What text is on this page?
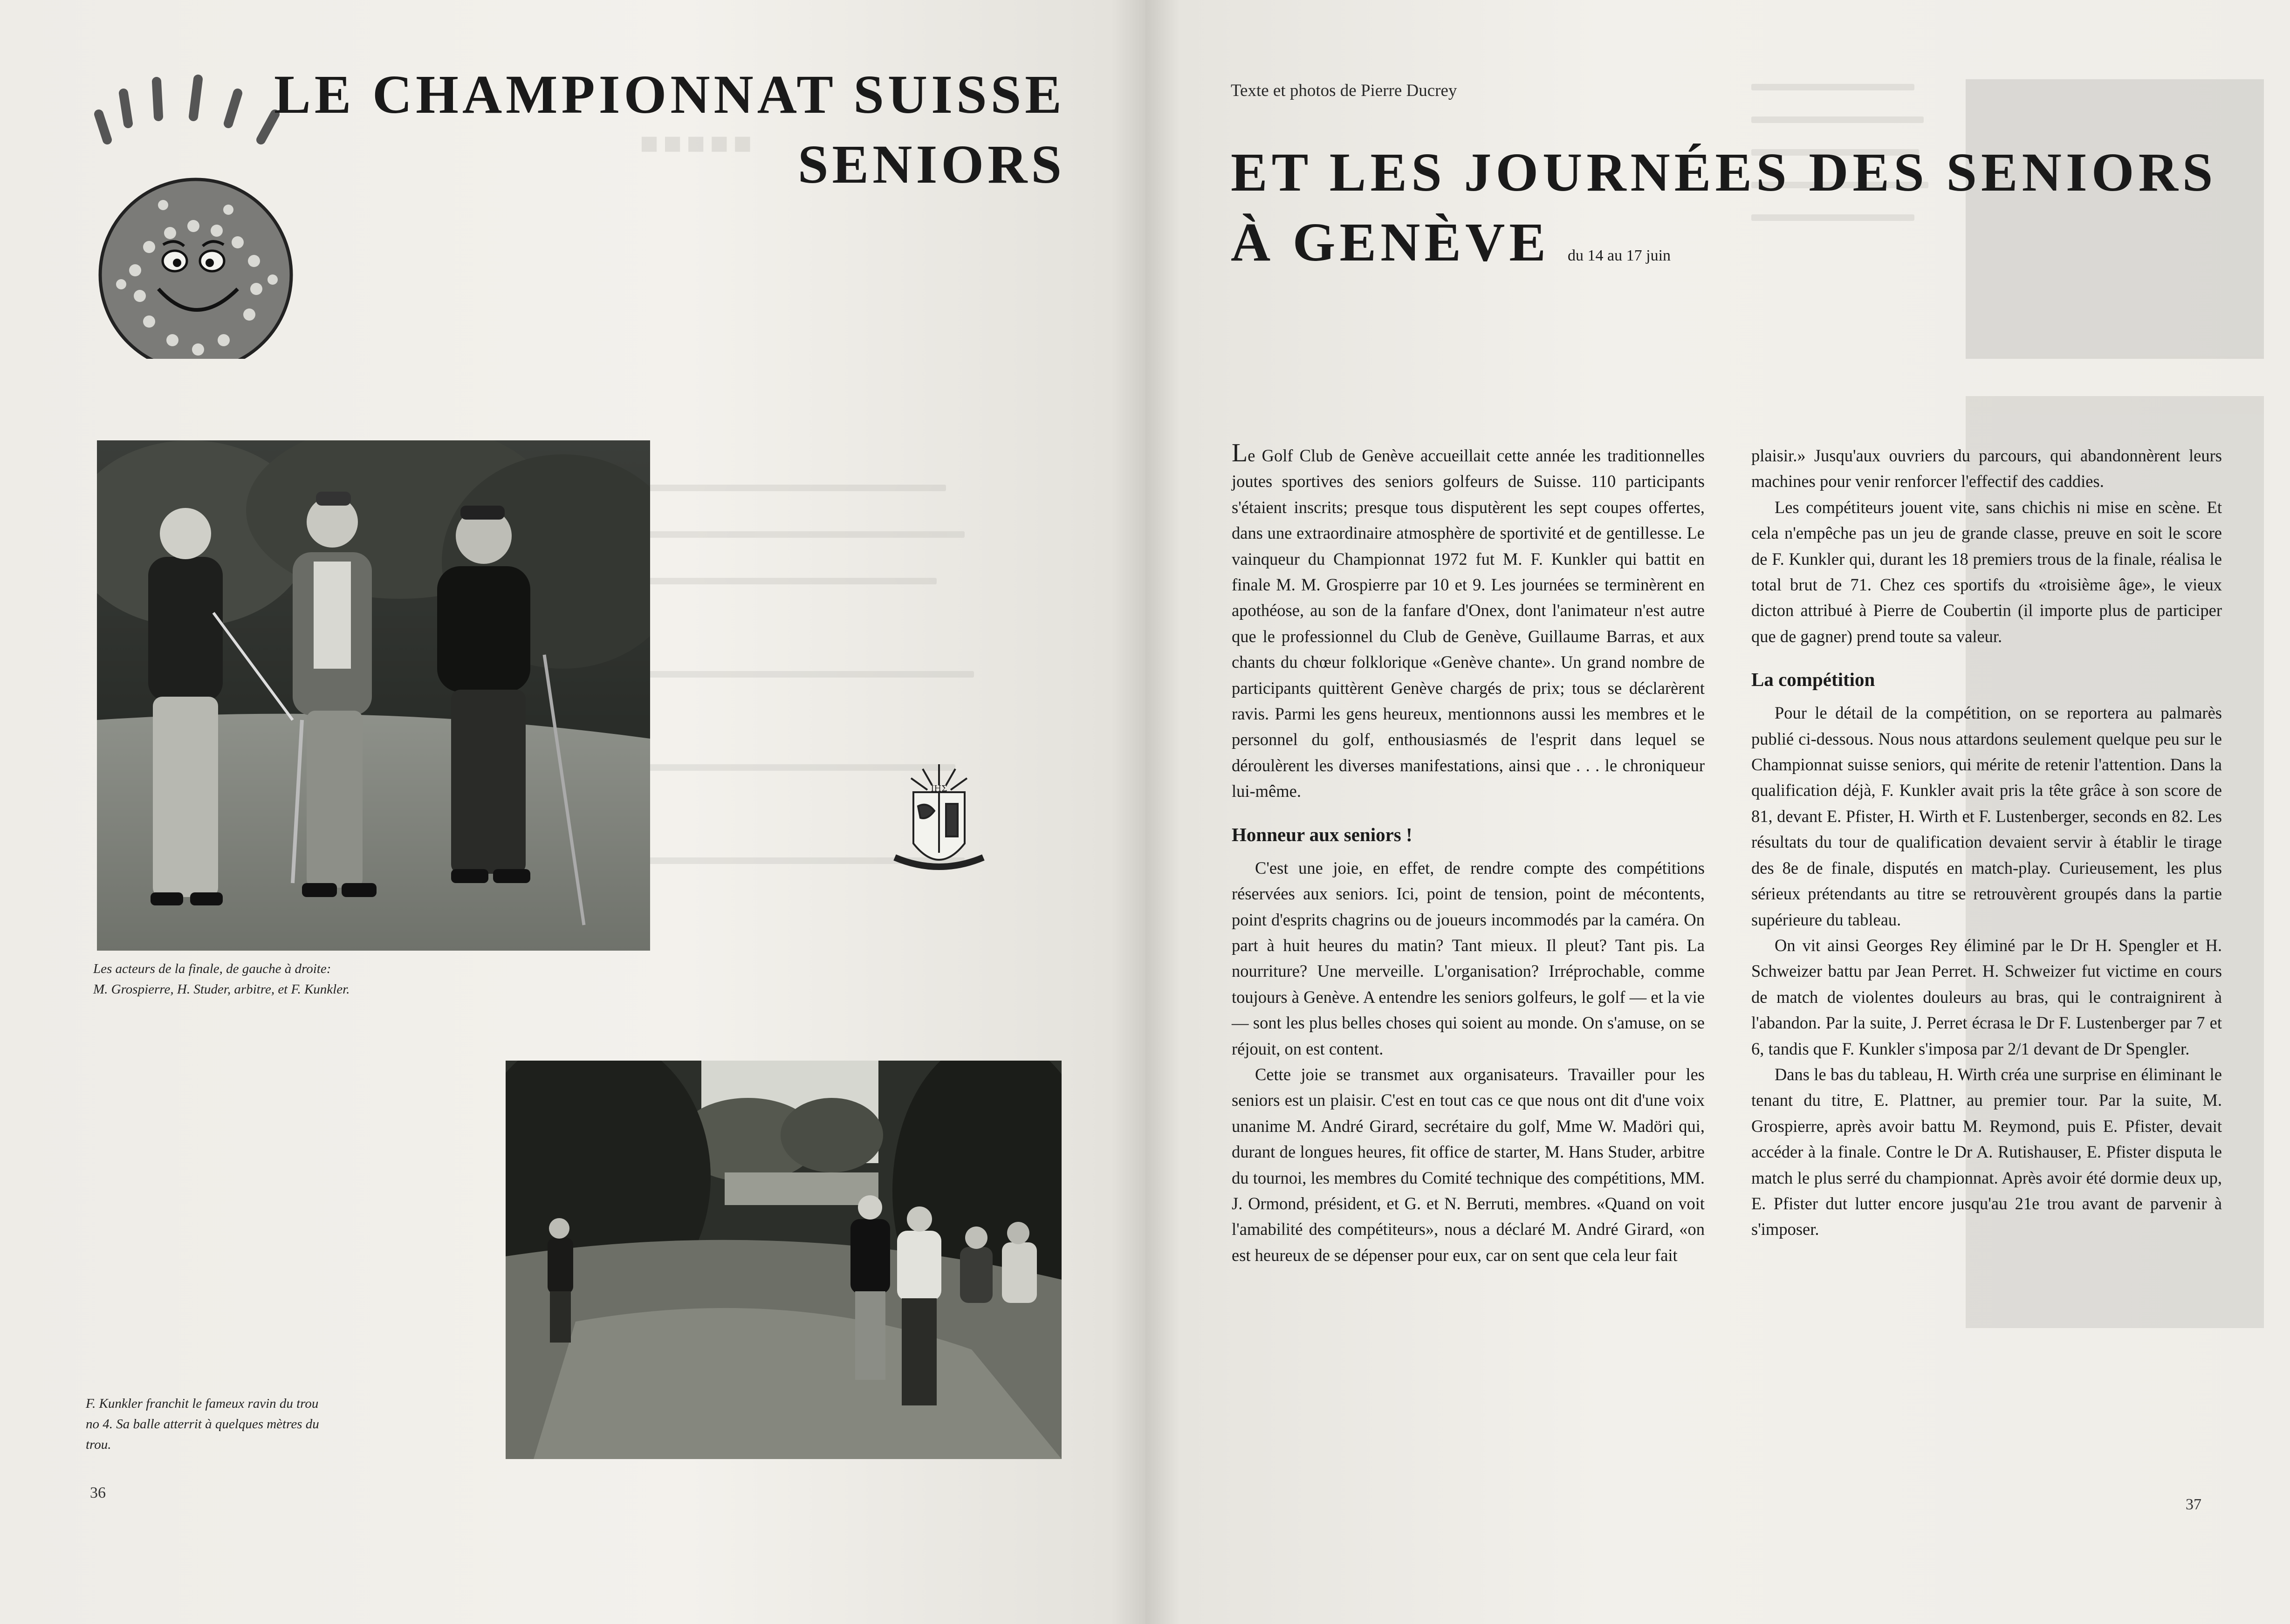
▪▪▪▪▪
LE CHAMPIONNAT SUISSE
SENIORS

Les acteurs de la finale, de gauche à droite:
M. Grospierre, H. Studer, arbitre, et F. Kunkler.

IHΣ

F. Kunkler franchit le fameux ravin du trou
no 4. Sa balle atterrit à quelques mètres du
trou.

36

Texte et photos de Pierre Ducrey

ET LES JOURNÉES DES SENIORS
À GENÈVE du 14 au 17 juin

Le Golf Club de Genève accueillait cette année les traditionnelles joutes sportives des seniors golfeurs de Suisse. 110 participants s'étaient inscrits; presque tous disputèrent les sept coupes offertes, dans une extraordinaire atmosphère de sportivité et de gentillesse. Le vainqueur du Championnat 1972 fut M. F. Kunkler qui battit en finale M. M. Grospierre par 10 et 9. Les journées se terminèrent en apothéose, au son de la fanfare d'Onex, dont l'animateur n'est autre que le professionnel du Club de Genève, Guillaume Barras, et aux chants du chœur folklorique «Genève chante». Un grand nombre de participants quittèrent Genève chargés de prix; tous se déclarèrent ravis. Parmi les gens heureux, mentionnons aussi les membres et le personnel du golf, enthousiasmés de l'esprit dans lequel se déroulèrent les diverses manifestations, ainsi que . . . le chroniqueur lui-même.

Honneur aux seniors !

C'est une joie, en effet, de rendre compte des compétitions réservées aux seniors. Ici, point de tension, point de mécontents, point d'esprits chagrins ou de joueurs incommodés par la caméra. On part à huit heures du matin? Tant mieux. Il pleut? Tant pis. La nourriture? Une merveille. L'organisation? Irréprochable, comme toujours à Genève. A entendre les seniors golfeurs, le golf — et la vie — sont les plus belles choses qui soient au monde. On s'amuse, on se réjouit, on est content.

Cette joie se transmet aux organisateurs. Travailler pour les seniors est un plaisir. C'est en tout cas ce que nous ont dit d'une voix unanime M. André Girard, secrétaire du golf, Mme W. Madöri qui, durant de longues heures, fit office de starter, M. Hans Studer, arbitre du tournoi, les membres du Comité technique des compétitions, MM. J. Ormond, président, et G. et N. Berruti, membres. «Quand on voit l'amabilité des compétiteurs», nous a déclaré M. André Girard, «on est heureux de se dépenser pour eux, car on sent que cela leur fait

plaisir.» Jusqu'aux ouvriers du parcours, qui abandonnèrent leurs machines pour venir renforcer l'effectif des caddies.

Les compétiteurs jouent vite, sans chichis ni mise en scène. Et cela n'empêche pas un jeu de grande classe, preuve en soit le score de F. Kunkler qui, durant les 18 premiers trous de la finale, réalisa le total brut de 71. Chez ces sportifs du «troisième âge», le vieux dicton attribué à Pierre de Coubertin (il importe plus de participer que de gagner) prend toute sa valeur.

La compétition

Pour le détail de la compétition, on se reportera au palmarès publié ci-dessous. Nous nous attardons seulement quelque peu sur le Championnat suisse seniors, qui mérite de retenir l'attention. Dans la qualification déjà, F. Kunkler avait pris la tête grâce à son score de 81, devant E. Pfister, H. Wirth et F. Lustenberger, seconds en 82. Les résultats du tour de qualification devaient servir à établir le tirage des 8e de finale, disputés en match-play. Curieusement, les plus sérieux prétendants au titre se retrouvèrent groupés dans la partie supérieure du tableau.

On vit ainsi Georges Rey éliminé par le Dr H. Spengler et H. Schweizer battu par Jean Perret. H. Schweizer fut victime en cours de match de violentes douleurs au bras, qui le contraignirent à l'abandon. Par la suite, J. Perret écrasa le Dr F. Lustenberger par 7 et 6, tandis que F. Kunkler s'imposa par 2/1 devant de Dr Spengler.

Dans le bas du tableau, H. Wirth créa une surprise en éliminant le tenant du titre, E. Plattner, au premier tour. Par la suite, M. Grospierre, après avoir battu M. Reymond, puis E. Pfister, devait accéder à la finale. Contre le Dr A. Rutishauser, E. Pfister disputa le match le plus serré du championnat. Après avoir été dormie deux up, E. Pfister dut lutter encore jusqu'au 21e trou avant de parvenir à s'imposer.

37
